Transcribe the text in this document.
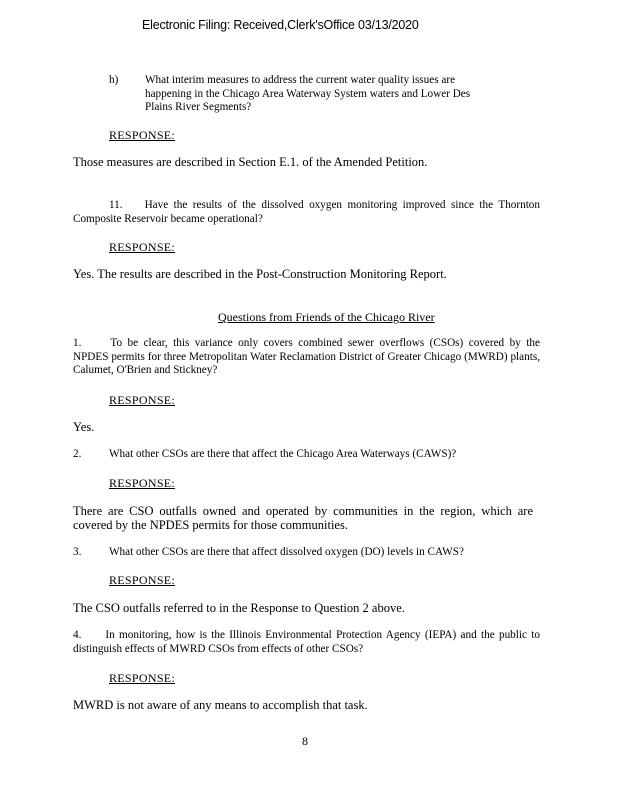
Electronic Filing: Received,Clerk'sOffice 03/13/2020
h) What interim measures to address the current water quality issues are happening in the Chicago Area Waterway System waters and Lower Des Plains River Segments?
RESPONSE:
Those measures are described in Section E.1. of the Amended Petition.
11. Have the results of the dissolved oxygen monitoring improved since the Thornton Composite Reservoir became operational?
RESPONSE:
Yes. The results are described in the Post-Construction Monitoring Report.
Questions from Friends of the Chicago River
1.	To be clear, this variance only covers combined sewer overflows (CSOs) covered by the NPDES permits for three Metropolitan Water Reclamation District of Greater Chicago (MWRD) plants, Calumet, O'Brien and Stickney?
RESPONSE:
Yes.
2. What other CSOs are there that affect the Chicago Area Waterways (CAWS)?
RESPONSE:
There are CSO outfalls owned and operated by communities in the region, which are covered by the NPDES permits for those communities.
3. What other CSOs are there that affect dissolved oxygen (DO) levels in CAWS?
RESPONSE:
The CSO outfalls referred to in the Response to Question 2 above.
4. In monitoring, how is the Illinois Environmental Protection Agency (IEPA) and the public to distinguish effects of MWRD CSOs from effects of other CSOs?
RESPONSE:
MWRD is not aware of any means to accomplish that task.
8
